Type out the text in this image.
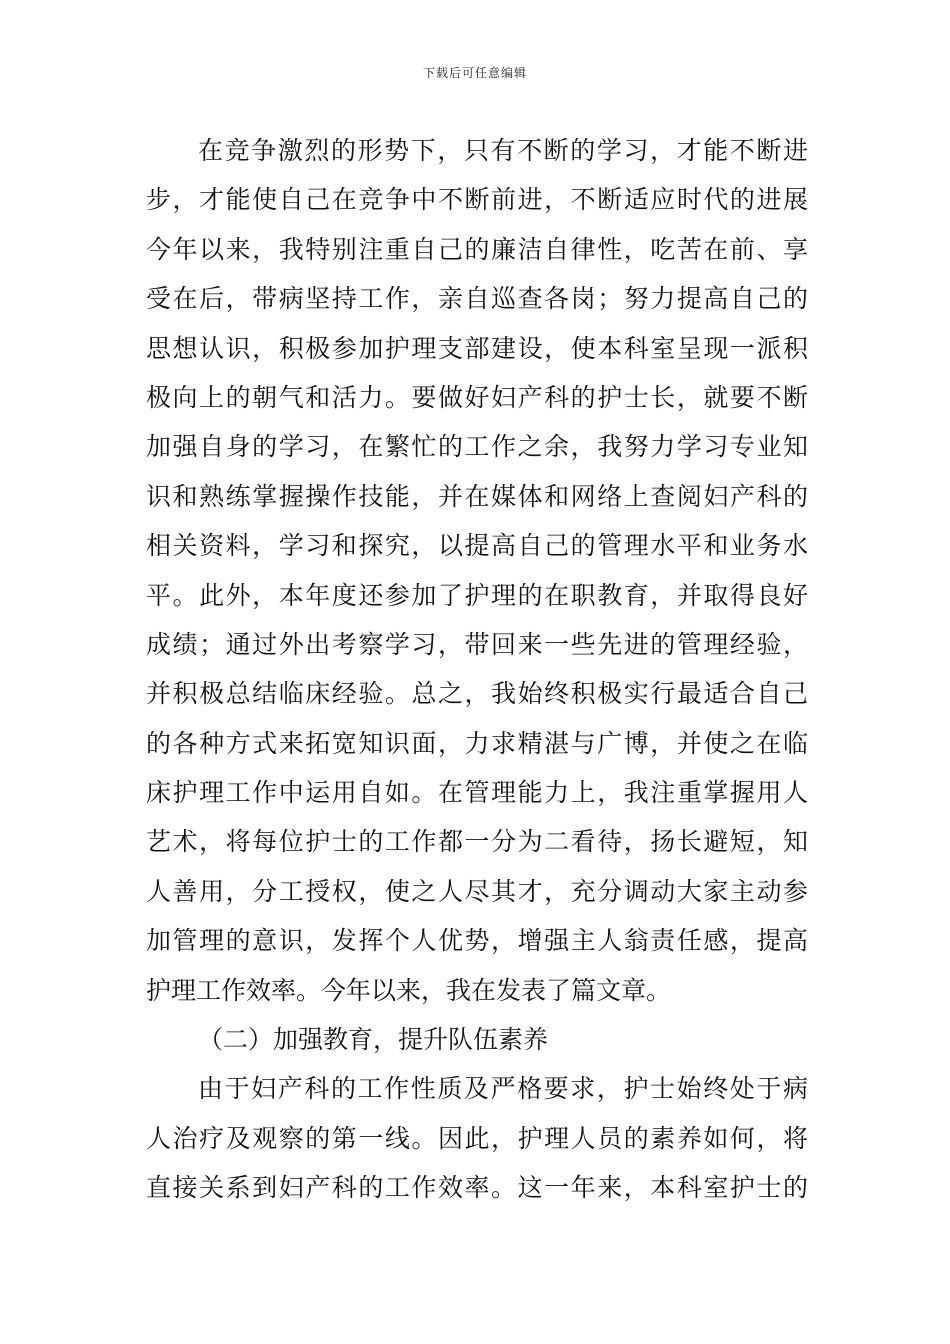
下载后可任意编辑
在竞争激烈的形势下，只有不断的学习，才能不断进
步，才能使自己在竞争中不断前进，不断适应时代的进展
今年以来，我特别注重自己的廉洁自律性，吃苦在前、享
受在后，带病坚持工作，亲自巡查各岗；努力提高自己的
思想认识，积极参加护理支部建设，使本科室呈现一派积
极向上的朝气和活力。要做好妇产科的护士长，就要不断
加强自身的学习，在繁忙的工作之余，我努力学习专业知
识和熟练掌握操作技能，并在媒体和网络上查阅妇产科的
相关资料，学习和探究，以提高自己的管理水平和业务水
平。此外，本年度还参加了护理的在职教育，并取得良好
成绩；通过外出考察学习，带回来一些先进的管理经验，
并积极总结临床经验。总之，我始终积极实行最适合自己
的各种方式来拓宽知识面，力求精湛与广博，并使之在临
床护理工作中运用自如。在管理能力上，我注重掌握用人
艺术，将每位护士的工作都一分为二看待，扬长避短，知
人善用，分工授权，使之人尽其才，充分调动大家主动参
加管理的意识，发挥个人优势，增强主人翁责任感，提高
护理工作效率。今年以来，我在发表了篇文章。
（二）加强教育，提升队伍素养
由于妇产科的工作性质及严格要求，护士始终处于病
人治疗及观察的第一线。因此，护理人员的素养如何，将
直接关系到妇产科的工作效率。这一年来，本科室护士的
